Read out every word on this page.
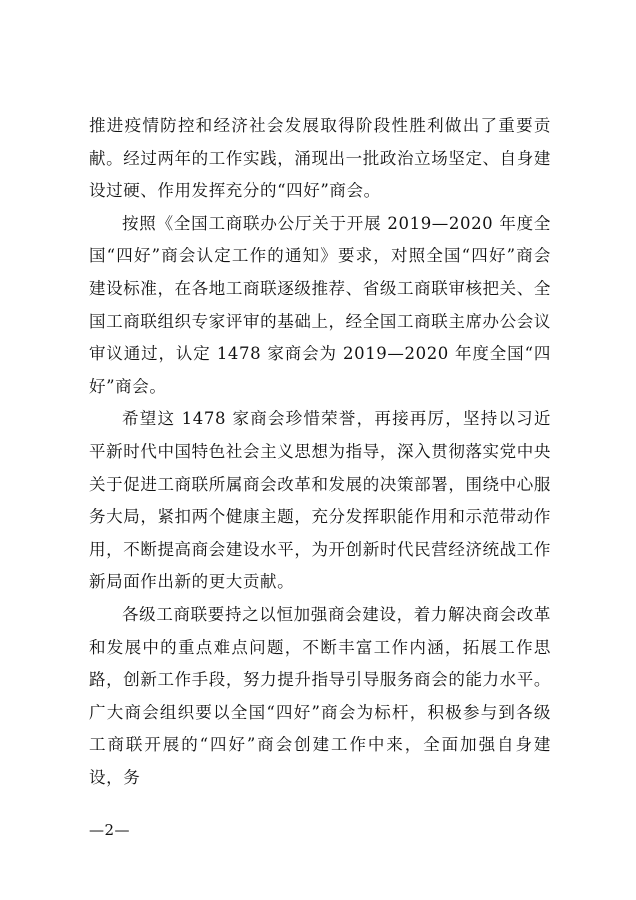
推进疫情防控和经济社会发展取得阶段性胜利做出了重要贡献。经过两年的工作实践，涌现出一批政治立场坚定、自身建设过硬、作用发挥充分的“四好”商会。

按照《全国工商联办公厅关于开展 2019—2020 年度全国“四好”商会认定工作的通知》要求，对照全国“四好”商会建设标准，在各地工商联逐级推荐、省级工商联审核把关、全国工商联组织专家评审的基础上，经全国工商联主席办公会议审议通过，认定 1478 家商会为 2019—2020 年度全国“四好”商会。

希望这 1478 家商会珍惜荣誉，再接再厉，坚持以习近平新时代中国特色社会主义思想为指导，深入贯彻落实党中央关于促进工商联所属商会改革和发展的决策部署，围绕中心服务大局，紧扣两个健康主题，充分发挥职能作用和示范带动作用，不断提高商会建设水平，为开创新时代民营经济统战工作新局面作出新的更大贡献。

各级工商联要持之以恒加强商会建设，着力解决商会改革和发展中的重点难点问题，不断丰富工作内涵，拓展工作思路，创新工作手段，努力提升指导引导服务商会的能力水平。广大商会组织要以全国“四好”商会为标杆，积极参与到各级工商联开展的“四好”商会创建工作中来，全面加强自身建设，务

—2—
